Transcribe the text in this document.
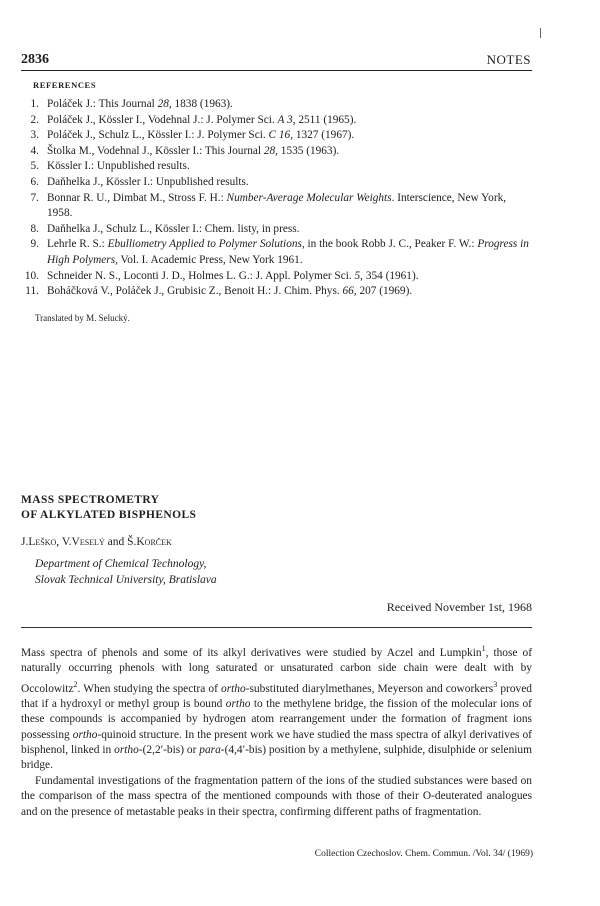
2836	NOTES
REFERENCES
1. Poláček J.: This Journal 28, 1838 (1963).
2. Poláček J., Kössler I., Vodehnal J.: J. Polymer Sci. A 3, 2511 (1965).
3. Poláček J., Schulz L., Kössler I.: J. Polymer Sci. C 16, 1327 (1967).
4. Štolka M., Vodehnal J., Kössler I.: This Journal 28, 1535 (1963).
5. Kössler I.: Unpublished results.
6. Daňhelka J., Kössler I.: Unpublished results.
7. Bonnar R. U., Dimbat M., Stross F. H.: Number-Average Molecular Weights. Interscience, New York, 1958.
8. Daňhelka J., Schulz L., Kössler I.: Chem. listy, in press.
9. Lehrle R. S.: Ebulliometry Applied to Polymer Solutions, in the book Robb J. C., Peaker F. W.: Progress in High Polymers, Vol. I. Academic Press, New York 1961.
10. Schneider N. S., Loconti J. D., Holmes L. G.: J. Appl. Polymer Sci. 5, 354 (1961).
11. Boháčková V., Poláček J., Grubisic Z., Benoit H.: J. Chim. Phys. 66, 207 (1969).
Translated by M. Selucký.
MASS SPECTROMETRY
OF ALKYLATED BISPHENOLS
J.Leško, V.Veselý and Š.Korček
Department of Chemical Technology,
Slovak Technical University, Bratislava
Received November 1st, 1968

Mass spectra of phenols and some of its alkyl derivatives were studied by Aczel and Lumpkin$^1$, those of naturally occurring phenols with long saturated or unsaturated carbon side chain were dealt with by Occolowitz$^2$. When studying the spectra of ortho-substituted diarylmethanes, Meyerson and coworkers$^3$ proved that if a hydroxyl or methyl group is bound ortho to the methylene bridge, the fission of the molecular ions of these compounds is accompanied by hydrogen atom rearrangement under the formation of fragment ions possessing ortho-quinoid structure. In the present work we have studied the mass spectra of alkyl derivatives of bisphenol, linked in ortho-(2,2′-bis) or para-(4,4′-bis) position by a methylene, sulphide, disulphide or selenium bridge.

Fundamental investigations of the fragmentation pattern of the ions of the studied substances were based on the comparison of the mass spectra of the mentioned compounds with those of their O-deuterated analogues and on the presence of metastable peaks in their spectra, confirming different paths of fragmentation.

Collection Czechoslov. Chem. Commun. /Vol. 34/ (1969)
